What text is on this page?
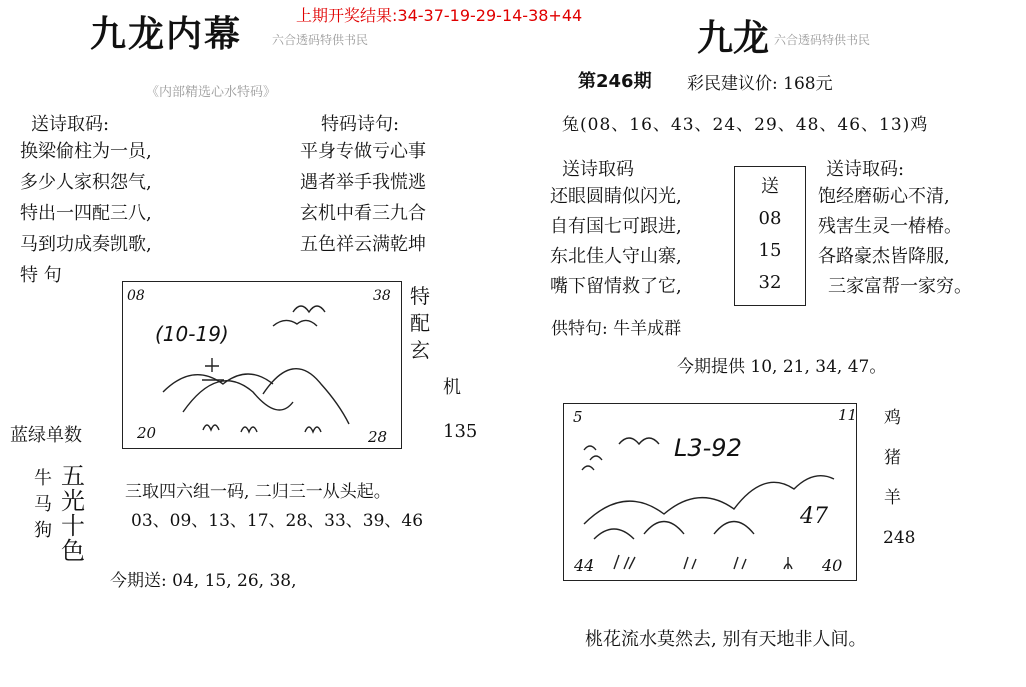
上期开奖结果:34-37-19-29-14-38+44
九龙内幕 六合透码特供书民
《内部精选心水特码》
送诗取码:
换梁偷柱为一员,
多少人家积怨气,
特出一四配三八,
马到功成奏凯歌,
特 句
特码诗句:
平身专做亏心事
遇者举手我慌逃
玄机中看三九合
五色祥云满乾坤
08	38
(10-19)
20	28
特
配
玄
机
蓝绿单数	135
牛
马
狗
五
光
十
色
三取四六组一码, 二归三一从头起。
03、09、13、17、28、33、39、46
今期送: 04, 15, 26, 38,
九龙 六合透码特供书民
第246期 彩民建议价: 168元
兔(08、16、43、24、29、48、46、13)鸡
送诗取码	送诗取码:
还眼圆睛似闪光,
自有国七可跟进,
东北佳人守山寨,
嘴下留情救了它,
送
08
15
32
饱经磨砺心不清,
残害生灵一椿椿。
各路豪杰皆降服,
三家富帮一家穷。
供特句: 牛羊成群
今期提供 10, 21, 34, 47。
5	11
L3-92
47
44	40
鸡
猪
羊
248
桃花流水莫然去, 别有天地非人间。
